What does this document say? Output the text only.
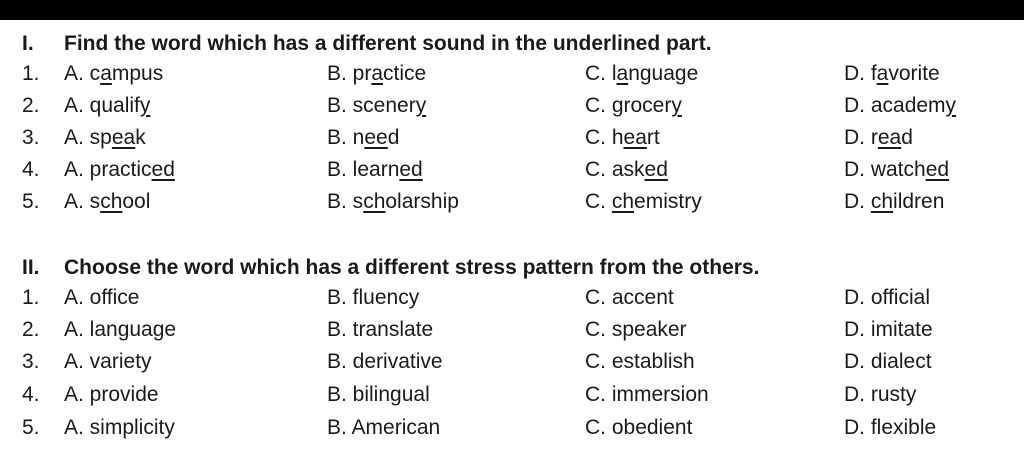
I. Find the word which has a different sound in the underlined part.
1. A. campus	B. practice	C. language	D. favorite
2. A. qualify	B. scenery	C. grocery	D. academy
3. A. speak	B. need	C. heart	D. read
4. A. practiced	B. learned	C. asked	D. watched
5. A. school	B. scholarship	C. chemistry	D. children
II. Choose the word which has a different stress pattern from the others.
1. A. office	B. fluency	C. accent	D. official
2. A. language	B. translate	C. speaker	D. imitate
3. A. variety	B. derivative	C. establish	D. dialect
4. A. provide	B. bilingual	C. immersion	D. rusty
5. A. simplicity	B. American	C. obedient	D. flexible
